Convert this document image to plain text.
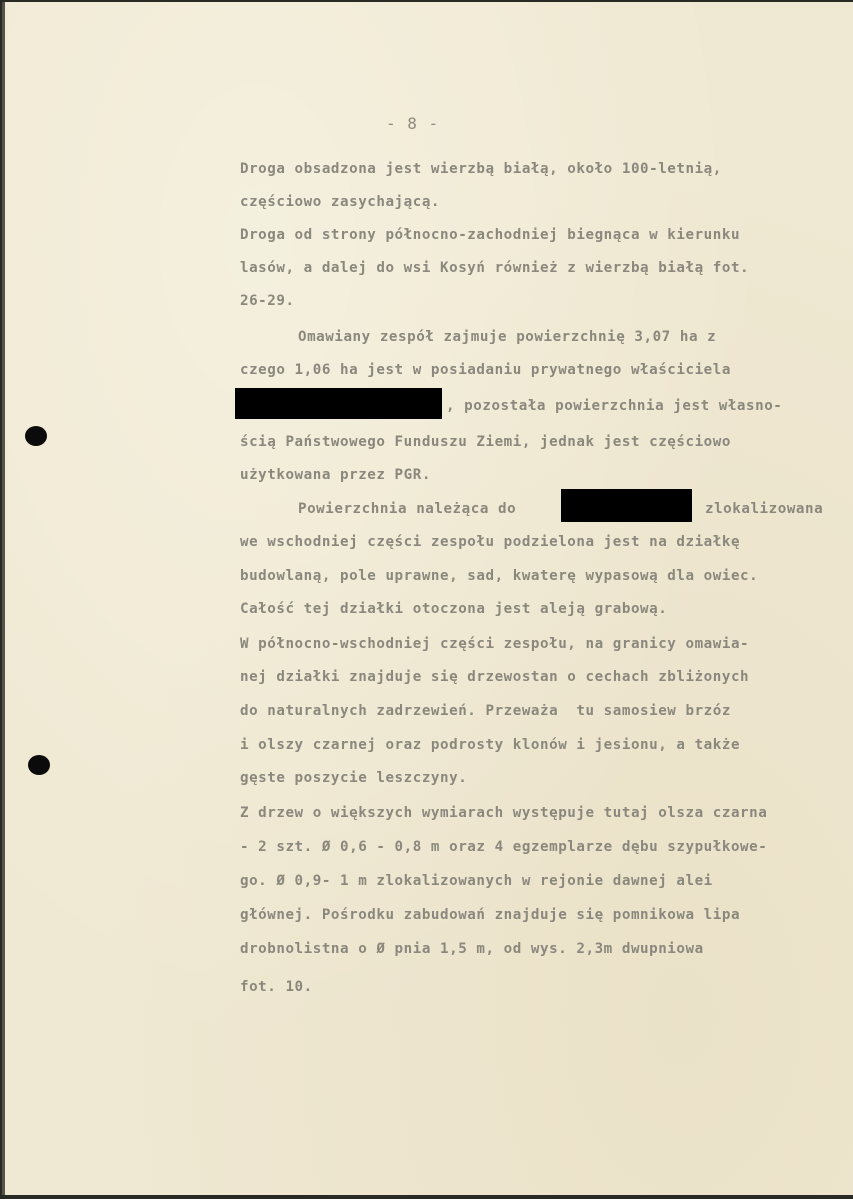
- 8 -
Droga obsadzona jest wierzbą białą, około 100-letnią,
częściowo zasychającą.
Droga od strony północno-zachodniej biegnąca w kierunku
lasów, a dalej do wsi Kosyń również z wierzbą białą fot.
26-29.
Omawiany zespół zajmuje powierzchnię 3,07 ha z
czego 1,06 ha jest w posiadaniu prywatnego właściciela
, pozostała powierzchnia jest własno-
ścią Państwowego Funduszu Ziemi, jednak jest częściowo
użytkowana przez PGR.
Powierzchnia należąca do	zlokalizowana
we wschodniej części zespołu podzielona jest na działkę
budowlaną, pole uprawne, sad, kwaterę wypasową dla owiec.
Całość tej działki otoczona jest aleją grabową.
W północno-wschodniej części zespołu, na granicy omawia-
nej działki znajduje się drzewostan o cechach zbliżonych
do naturalnych zadrzewień. Przeważa  tu samosiew brzóz
i olszy czarnej oraz podrosty klonów i jesionu, a także
gęste poszycie leszczyny.
Z drzew o większych wymiarach występuje tutaj olsza czarna
- 2 szt. Ø 0,6 - 0,8 m oraz 4 egzemplarze dębu szypułkowe-
go. Ø 0,9- 1 m zlokalizowanych w rejonie dawnej alei
głównej. Pośrodku zabudowań znajduje się pomnikowa lipa
drobnolistna o Ø pnia 1,5 m, od wys. 2,3m dwupniowa
fot. 10.
